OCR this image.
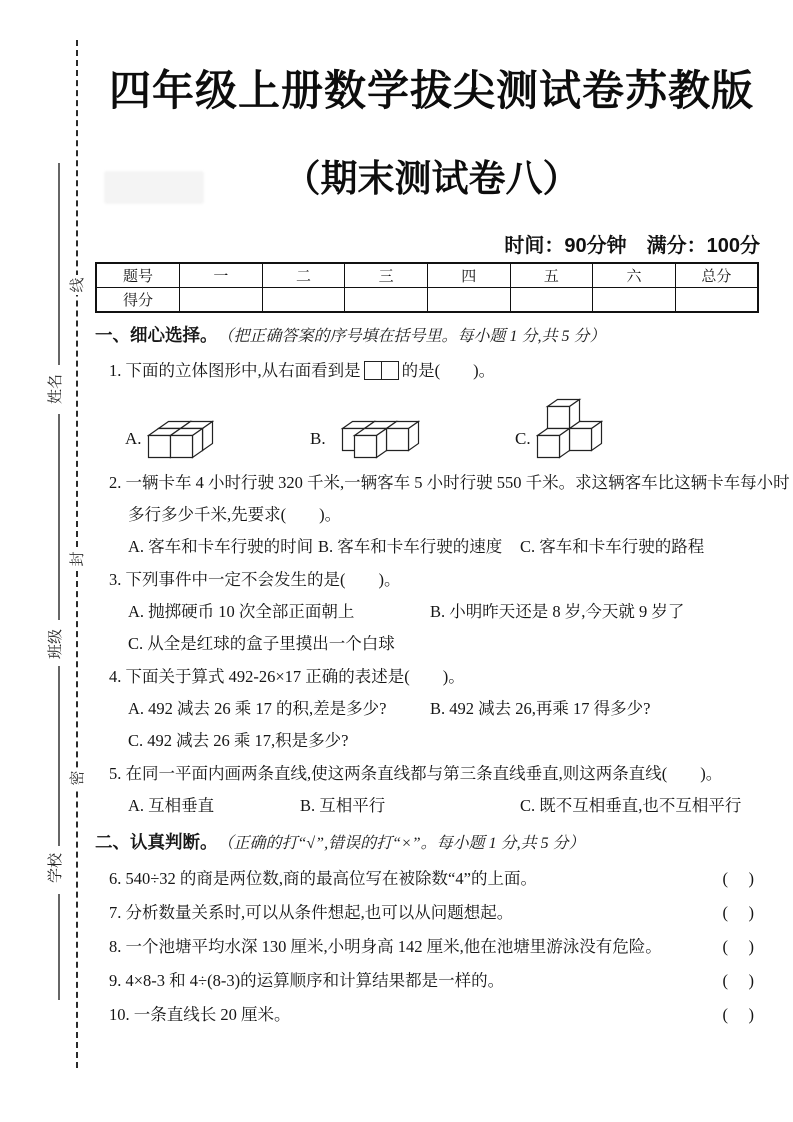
线
封
密
姓名
班级
学校
四年级上册数学拔尖测试卷苏教版
（期末测试卷八）
时间：90分钟　满分：100分
题号	一	二	三	四	五	六	总分
得分							
一、细心选择。 （把正确答案的序号填在括号里。每小题 1 分,共 5 分）
1. 下面的立体图形中,从右面看到是 的是(　　)。
A.	B.	C.
2. 一辆卡车 4 小时行驶 320 千米,一辆客车 5 小时行驶 550 千米。求这辆客车比这辆卡车每小时
多行多少千米,先要求(　　)。
A. 客车和卡车行驶的时间 B. 客车和卡车行驶的速度	C. 客车和卡车行驶的路程
3. 下列事件中一定不会发生的是(　　)。
A. 抛掷硬币 10 次全部正面朝上	B. 小明昨天还是 8 岁,今天就 9 岁了
C. 从全是红球的盒子里摸出一个白球
4. 下面关于算式 492-26×17 正确的表述是(　　)。
A. 492 减去 26 乘 17 的积,差是多少?	B. 492 减去 26,再乘 17 得多少?
C. 492 减去 26 乘 17,积是多少?
5. 在同一平面内画两条直线,使这两条直线都与第三条直线垂直,则这两条直线(　　)。
A. 互相垂直	B. 互相平行	C. 既不互相垂直,也不互相平行
二、认真判断。 （正确的打“√”,错误的打“×”。每小题 1 分,共 5 分）
6. 540÷32 的商是两位数,商的最高位写在被除数“4”的上面。	(　)
7. 分析数量关系时,可以从条件想起,也可以从问题想起。	(　)
8. 一个池塘平均水深 130 厘米,小明身高 142 厘米,他在池塘里游泳没有危险。	(　)
9. 4×8-3 和 4÷(8-3)的运算顺序和计算结果都是一样的。	(　)
10. 一条直线长 20 厘米。	(　)
